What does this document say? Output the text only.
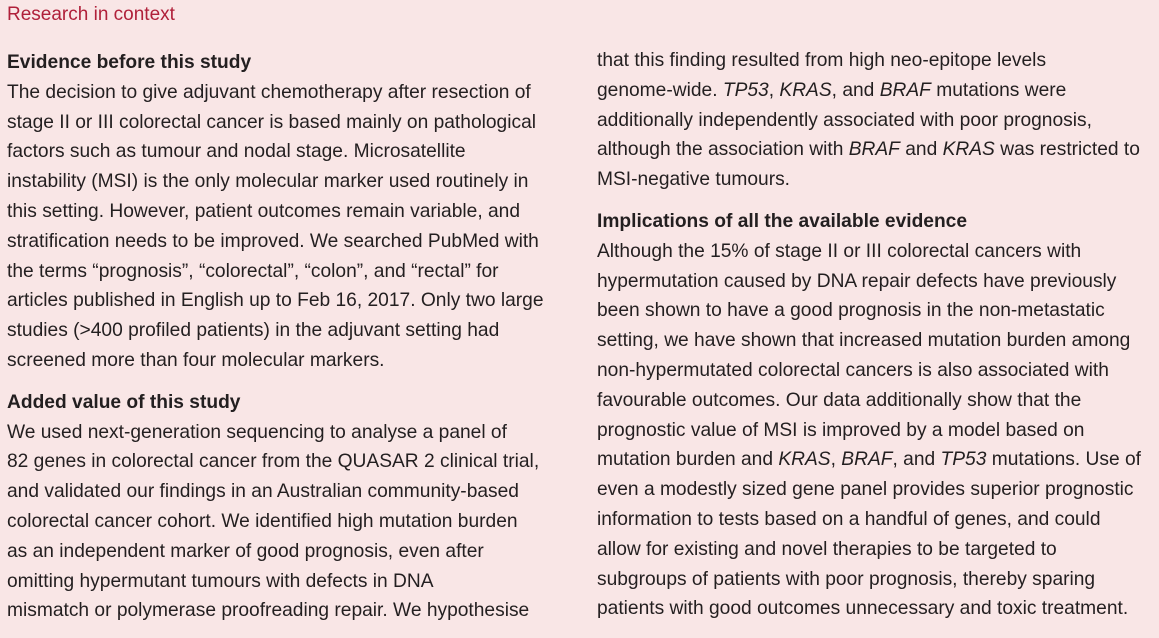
Research in context
Evidence before this study
The decision to give adjuvant chemotherapy after resection of
stage II or III colorectal cancer is based mainly on pathological
factors such as tumour and nodal stage. Microsatellite
instability (MSI) is the only molecular marker used routinely in
this setting. However, patient outcomes remain variable, and
stratification needs to be improved. We searched PubMed with
the terms “prognosis”, “colorectal”, “colon”, and “rectal” for
articles published in English up to Feb 16, 2017. Only two large
studies (>400 profiled patients) in the adjuvant setting had
screened more than four molecular markers.
Added value of this study
We used next-generation sequencing to analyse a panel of
82 genes in colorectal cancer from the QUASAR 2 clinical trial,
and validated our findings in an Australian community-based
colorectal cancer cohort. We identified high mutation burden
as an independent marker of good prognosis, even after
omitting hypermutant tumours with defects in DNA
mismatch or polymerase proofreading repair. We hypothesise
that this finding resulted from high neo-epitope levels
genome-wide. TP53, KRAS, and BRAF mutations were
additionally independently associated with poor prognosis,
although the association with BRAF and KRAS was restricted to
MSI-negative tumours.
Implications of all the available evidence
Although the 15% of stage II or III colorectal cancers with
hypermutation caused by DNA repair defects have previously
been shown to have a good prognosis in the non-metastatic
setting, we have shown that increased mutation burden among
non-hypermutated colorectal cancers is also associated with
favourable outcomes. Our data additionally show that the
prognostic value of MSI is improved by a model based on
mutation burden and KRAS, BRAF, and TP53 mutations. Use of
even a modestly sized gene panel provides superior prognostic
information to tests based on a handful of genes, and could
allow for existing and novel therapies to be targeted to
subgroups of patients with poor prognosis, thereby sparing
patients with good outcomes unnecessary and toxic treatment.
